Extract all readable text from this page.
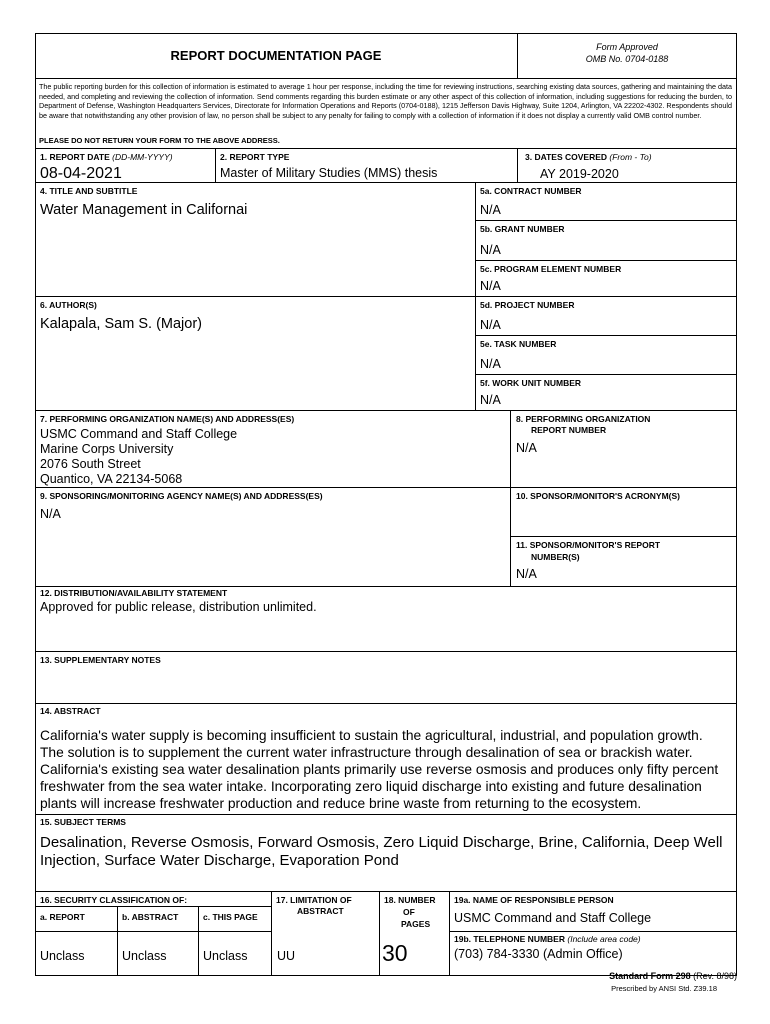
REPORT DOCUMENTATION PAGE
Form Approved
OMB No. 0704-0188
The public reporting burden for this collection of information is estimated to average 1 hour per response, including the time for reviewing instructions, searching existing data sources, gathering and maintaining the data needed, and completing and reviewing the collection of information. Send comments regarding this burden estimate or any other aspect of this collection of information, including suggestions for reducing the burden, to Department of Defense, Washington Headquarters Services, Directorate for Information Operations and Reports (0704-0188), 1215 Jefferson Davis Highway, Suite 1204, Arlington, VA 22202-4302. Respondents should be aware that notwithstanding any other provision of law, no person shall be subject to any penalty for failing to comply with a collection of information if it does not display a currently valid OMB control number.
PLEASE DO NOT RETURN YOUR FORM TO THE ABOVE ADDRESS.
1. REPORT DATE (DD-MM-YYYY)
08-04-2021
2. REPORT TYPE
Master of Military Studies (MMS) thesis
3. DATES COVERED (From - To)
AY 2019-2020
4. TITLE AND SUBTITLE
Water Management in Californai
5a. CONTRACT NUMBER
N/A
5b. GRANT NUMBER
N/A
5c. PROGRAM ELEMENT NUMBER
N/A
6. AUTHOR(S)
Kalapala, Sam S. (Major)
5d. PROJECT NUMBER
N/A
5e. TASK NUMBER
N/A
5f. WORK UNIT NUMBER
N/A
7. PERFORMING ORGANIZATION NAME(S) AND ADDRESS(ES)
USMC Command and Staff College
Marine Corps University
2076 South Street
Quantico, VA 22134-5068
8. PERFORMING ORGANIZATION
REPORT NUMBER
N/A
9. SPONSORING/MONITORING AGENCY NAME(S) AND ADDRESS(ES)
N/A
10. SPONSOR/MONITOR'S ACRONYM(S)
11. SPONSOR/MONITOR'S REPORT
NUMBER(S)
N/A
12. DISTRIBUTION/AVAILABILITY STATEMENT
Approved for public release, distribution unlimited.
13. SUPPLEMENTARY NOTES
14. ABSTRACT
California's water supply is becoming insufficient to sustain the agricultural, industrial, and population growth.
The solution is to supplement the current water infrastructure through desalination of sea or brackish water.
California's existing sea water desalination plants primarily use reverse osmosis and produces only fifty percent
freshwater from the sea water intake. Incorporating zero liquid discharge into existing and future desalination
plants will increase freshwater production and reduce brine waste from returning to the ecosystem.
15. SUBJECT TERMS
Desalination, Reverse Osmosis, Forward Osmosis, Zero Liquid Discharge, Brine, California, Deep Well
Injection, Surface Water Discharge, Evaporation Pond
16. SECURITY CLASSIFICATION OF:
a. REPORT	b. ABSTRACT	c. THIS PAGE
Unclass	Unclass	Unclass
17. LIMITATION OF
ABSTRACT
UU
18. NUMBER
OF
PAGES
30
19a. NAME OF RESPONSIBLE PERSON
USMC Command and Staff College
19b. TELEPHONE NUMBER (Include area code)
(703) 784-3330 (Admin Office)
Standard Form 298 (Rev. 8/98)
Prescribed by ANSI Std. Z39.18
